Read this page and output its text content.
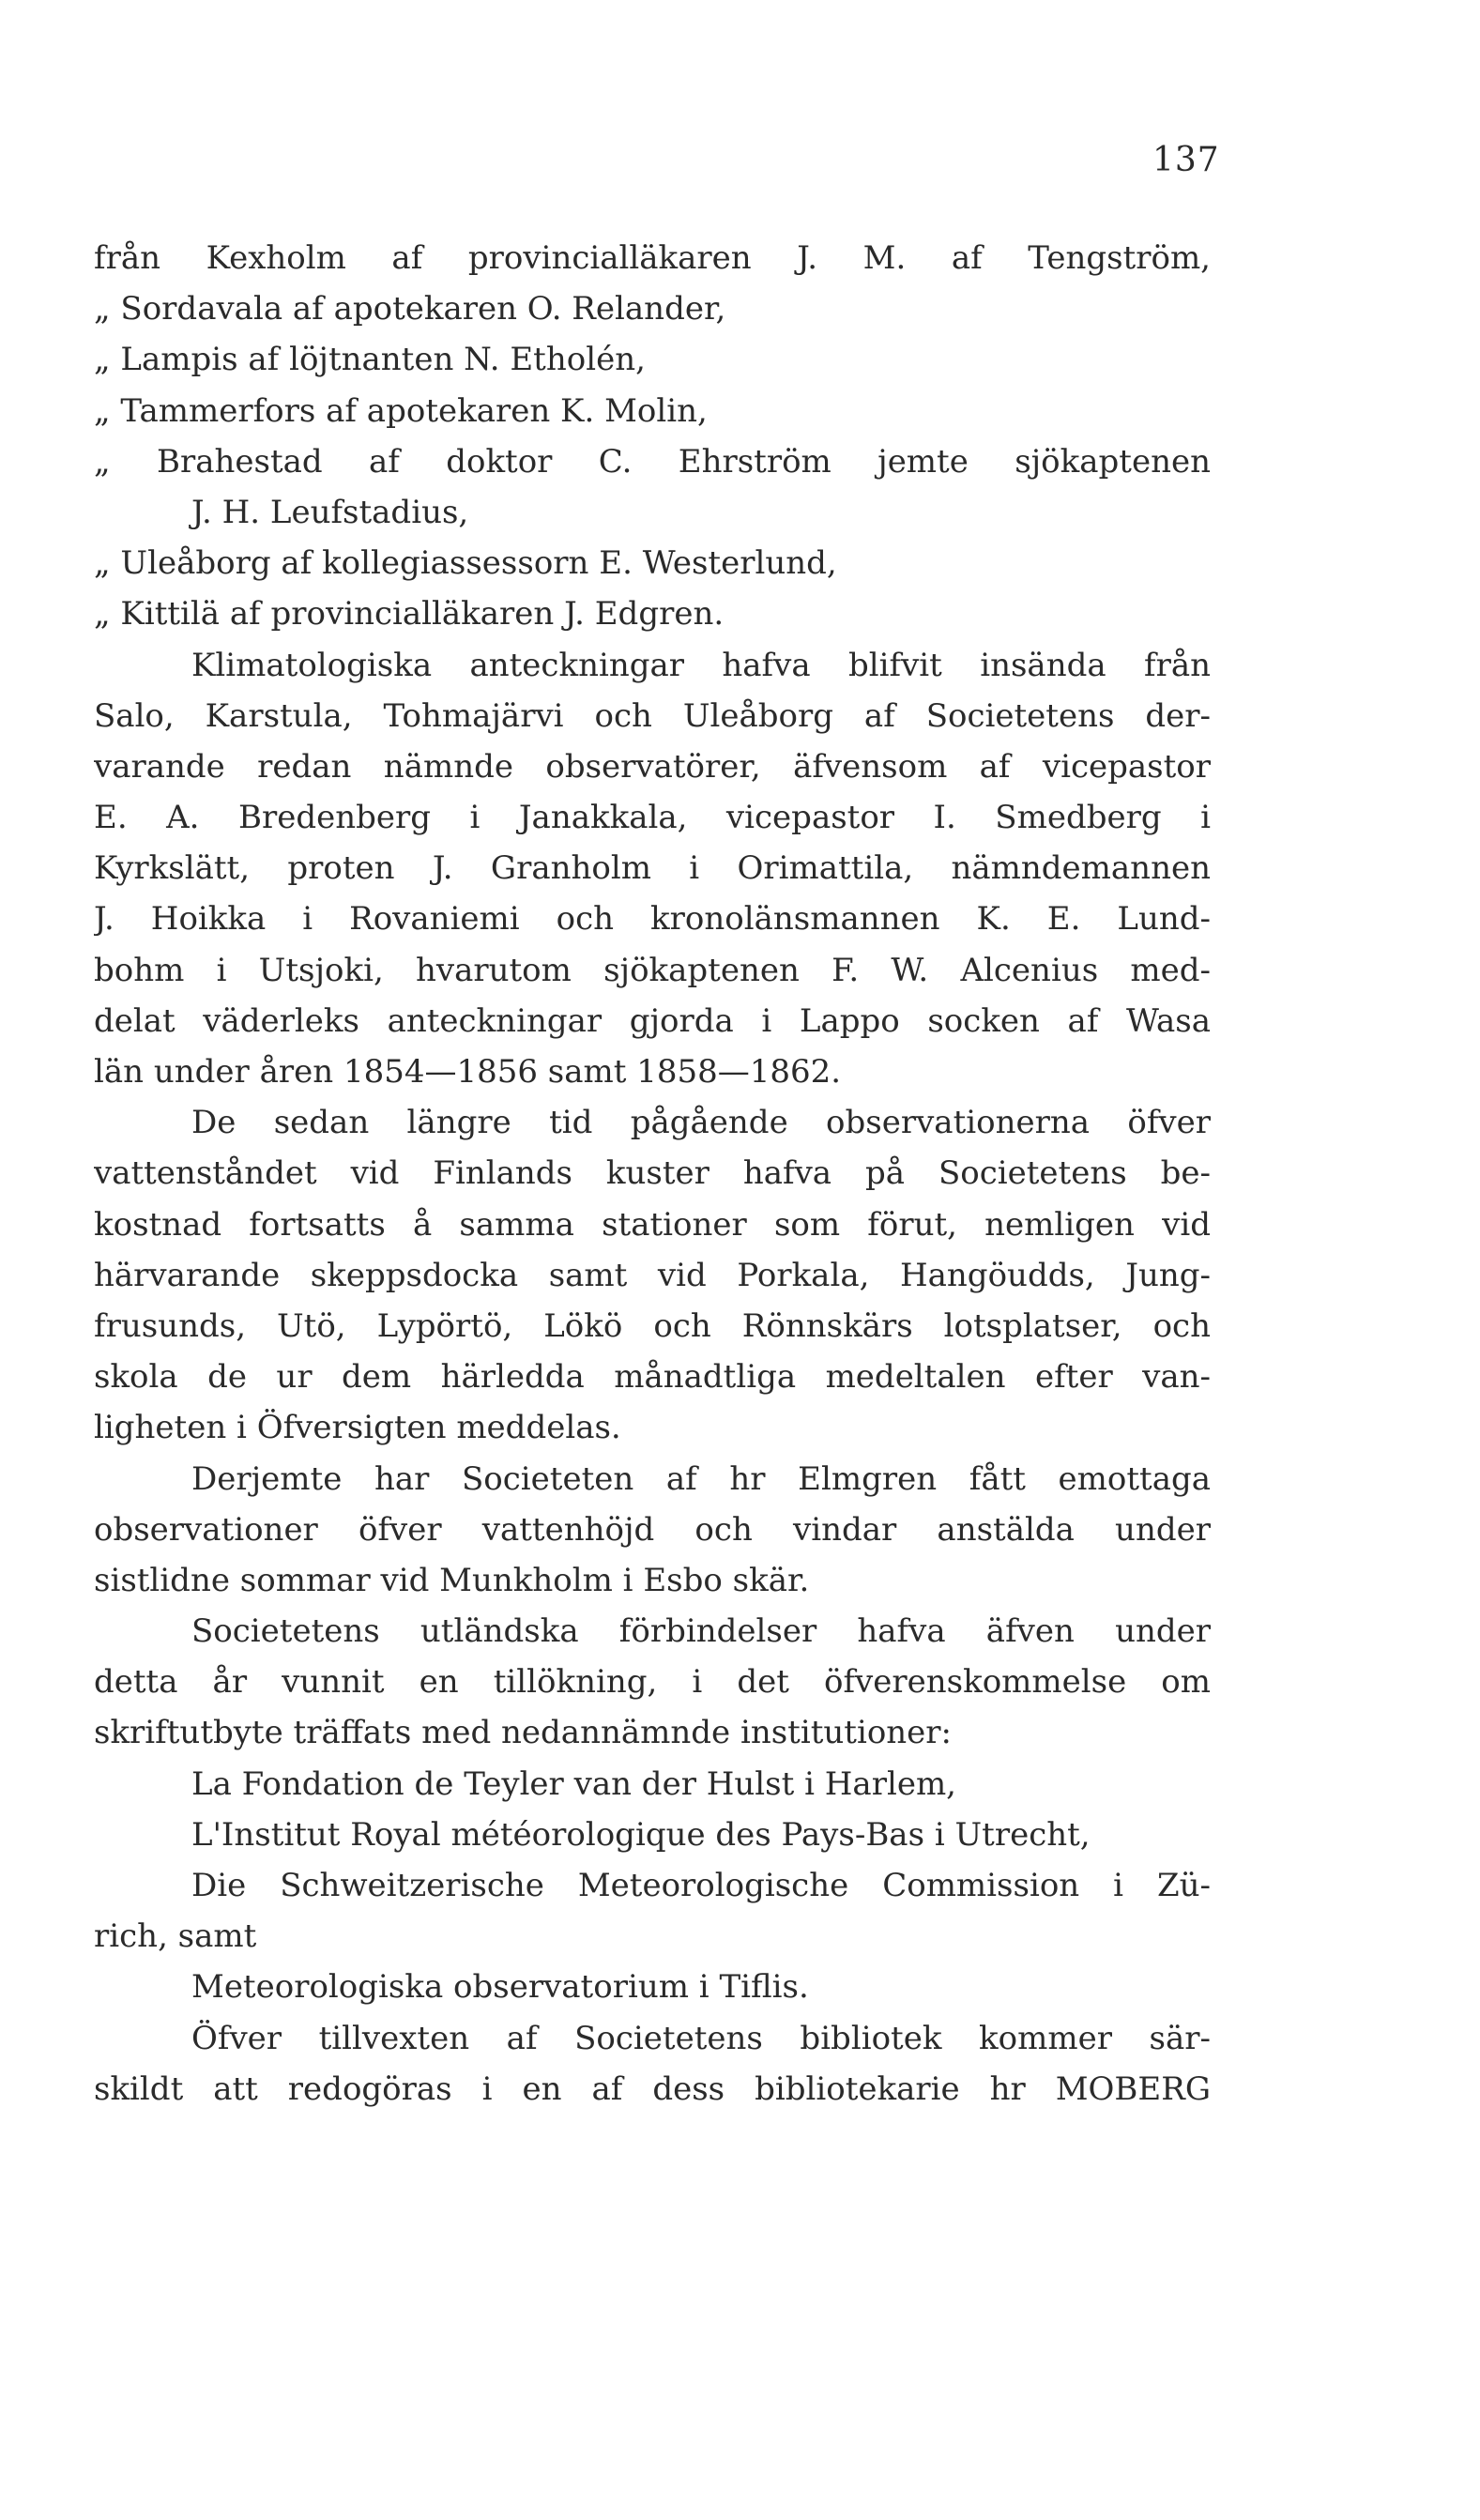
137
från Kexholm af provincialläkaren J. M. af Tengström,
„ Sordavala af apotekaren O. Relander,
„ Lampis af löjtnanten N. Etholén,
„ Tammerfors af apotekaren K. Molin,
„ Brahestad af doktor C. Ehrström jemte sjökaptenen
J. H. Leufstadius,
„ Uleåborg af kollegiassessorn E. Westerlund,
„ Kittilä af provincialläkaren J. Edgren.
Klimatologiska anteckningar hafva blifvit insända från
Salo, Karstula, Tohmajärvi och Uleåborg af Societetens der-
varande redan nämnde observatörer, äfvensom af vicepastor
E. A. Bredenberg i Janakkala, vicepastor I. Smedberg i
Kyrkslätt, proten J. Granholm i Orimattila, nämndemannen
J. Hoikka i Rovaniemi och kronolänsmannen K. E. Lund-
bohm i Utsjoki, hvarutom sjökaptenen F. W. Alcenius med-
delat väderleks anteckningar gjorda i Lappo socken af Wasa
län under åren 1854—1856 samt 1858—1862.
De sedan längre tid pågående observationerna öfver
vattenståndet vid Finlands kuster hafva på Societetens be-
kostnad fortsatts å samma stationer som förut, nemligen vid
härvarande skeppsdocka samt vid Porkala, Hangöudds, Jung-
frusunds, Utö, Lypörtö, Lökö och Rönnskärs lotsplatser, och
skola de ur dem härledda månadtliga medeltalen efter van-
ligheten i Öfversigten meddelas.
Derjemte har Societeten af hr Elmgren fått emottaga
observationer öfver vattenhöjd och vindar anstälda under
sistlidne sommar vid Munkholm i Esbo skär.
Societetens utländska förbindelser hafva äfven under
detta år vunnit en tillökning, i det öfverenskommelse om
skriftutbyte träffats med nedannämnde institutioner:
La Fondation de Teyler van der Hulst i Harlem,
L'Institut Royal météorologique des Pays-Bas i Utrecht,
Die Schweitzerische Meteorologische Commission i Zü-
rich, samt
Meteorologiska observatorium i Tiflis.
Öfver tillvexten af Societetens bibliotek kommer sär-
skildt att redogöras i en af dess bibliotekarie hr MOBERG
